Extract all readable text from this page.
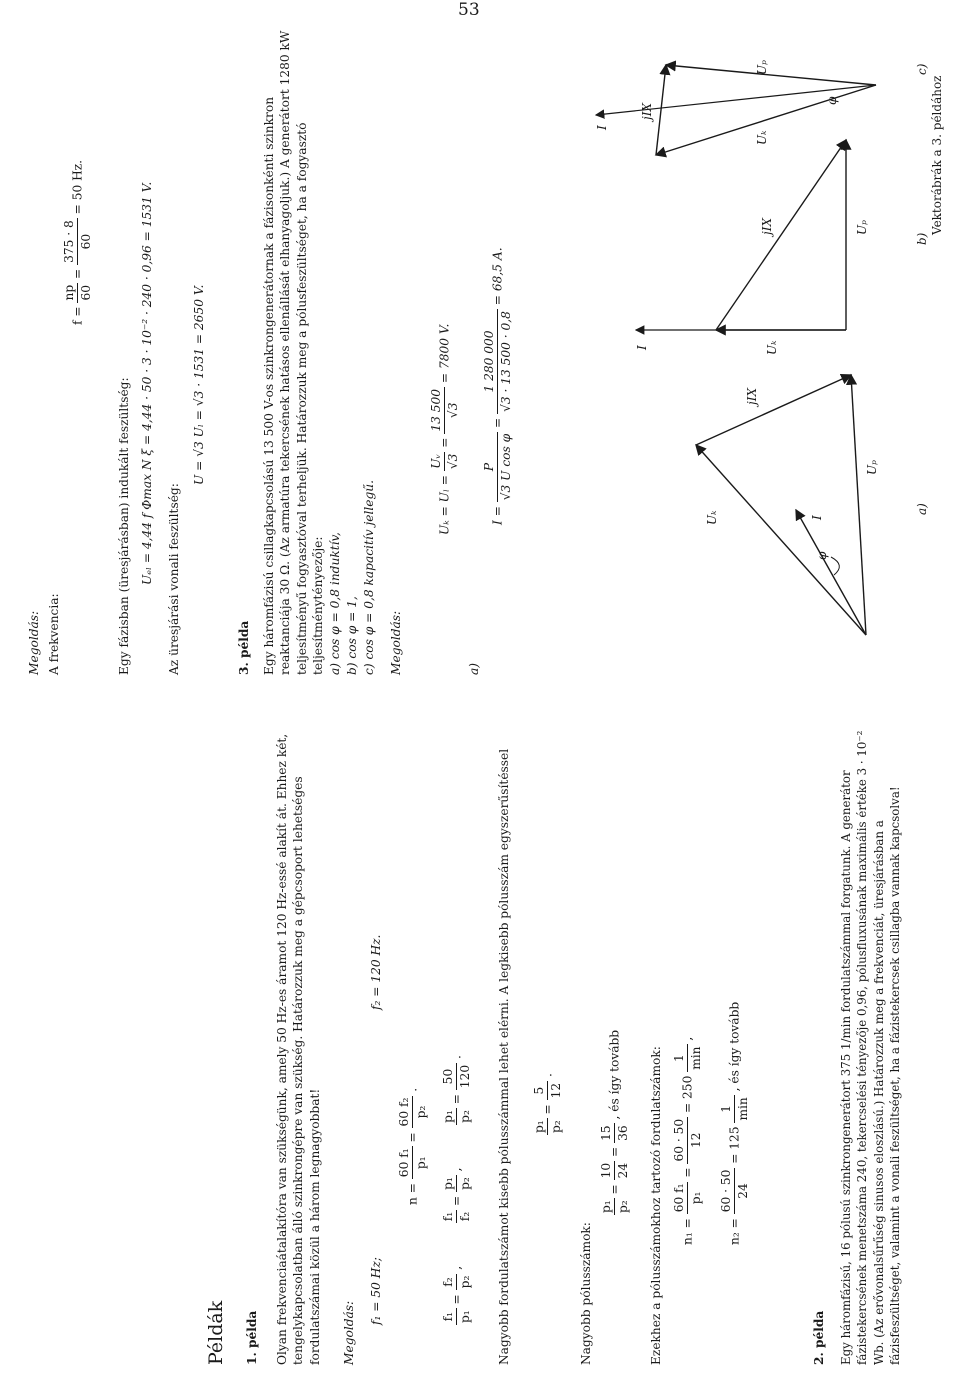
53
Példák 1. példa Olyan frekvenciaátalakítóra van szükségünk, amely 50 Hz-es áramot 120 Hz-essé alakít át. Ehhez két, tengelykapcsolatban álló szinkrongépre van szükség. Határozzuk meg a gépcsoport lehetséges fordulatszámai közül a három legnagyobbat! Megoldás:
f₁ = 50 Hz;
f₂ = 120 Hz.
n =
60 f₁ p₁
=
60 f₂ p₂
.
f₁ p₁
=
f₂ p₂
,
f₁ f₂
=
p₁ p₂
,
p₁ p₂
=
50 120
.	Nagyobb fordulatszámot kisebb pólusszámmal lehet elérni. A legkisebb pólusszám egyszerűsítéssel p₁ p₂
=
5 12
.
Nagyobb pólusszámok:
p₁ p₂
=
10 24
=
15 36
, és így tovább	Ezekhez a pólusszámokhoz tartozó fordulatszámok:	n₁ =
60 f₁ p₁
=
60 · 50 12
= 250
1 min
,
n₂ =
60 · 50 24
= 125
1 min
, és így tovább
2. példa Egy háromfázisú, 16 pólusú szinkrongenerátort 375 1/min fordulatszámmal forgatunk. A generátor fázistekercsének menetszáma 240, tekercselési tényezője 0,96, pólusfluxusának maximális értéke 3 · 10⁻² Wb. (Az erővonalsűrűség sinusos eloszlású.) Határozzuk meg a frekvenciát, üresjárásban a fázisfeszültséget, valamint a vonali feszültséget, ha a fázistekercsek csillagba vannak kapcsolva!
Megoldás: A frekvencia:
f =
np 60
=
375 · 8 60
= 50 Hz.
Egy fázisban (üresjárásban) indukált feszültség: Uₑₗ = 4,44 f Φmax N ξ = 4,44 · 50 · 3 · 10⁻² · 240 · 0,96 = 1531 V. Az üresjárási vonali feszültség:
U = √3 Uₗ = √3 · 1531 = 2650 V.
3. példa Egy háromfázisú csillagkapcsolású 13 500 V-os szinkrongenerátornak a fázisonkénti szinkron reaktanciája 30 Ω. (Az armatúra tekercsének hatásos ellenállását elhanyagoljuk.) A generátort 1280 kW teljesítményű fogyasztóval terheljük. Határozzuk meg a pólusfeszültséget, ha a fogyasztó teljesítménytényezője: a) cos φ = 0,8 induktív, b) cos φ = 1, c) cos φ = 0,8 kapacitív jellegű. Megoldás:	a)
Uₖ = Uₗ =
Uᵥ √3
=
13 500 √3
= 7800 V.
I =
P √3 U cos φ
=
1 280 000 √3 · 13 500 · 0,8
= 68,5 A.
Uₚ
Uₖ
jIX
I
φ
a)
Uₚ
Uₖ
jIX
I
b)
Uₚ
Uₖ
jIX
I
φ
c)
Vektorábrák a 3. példához
